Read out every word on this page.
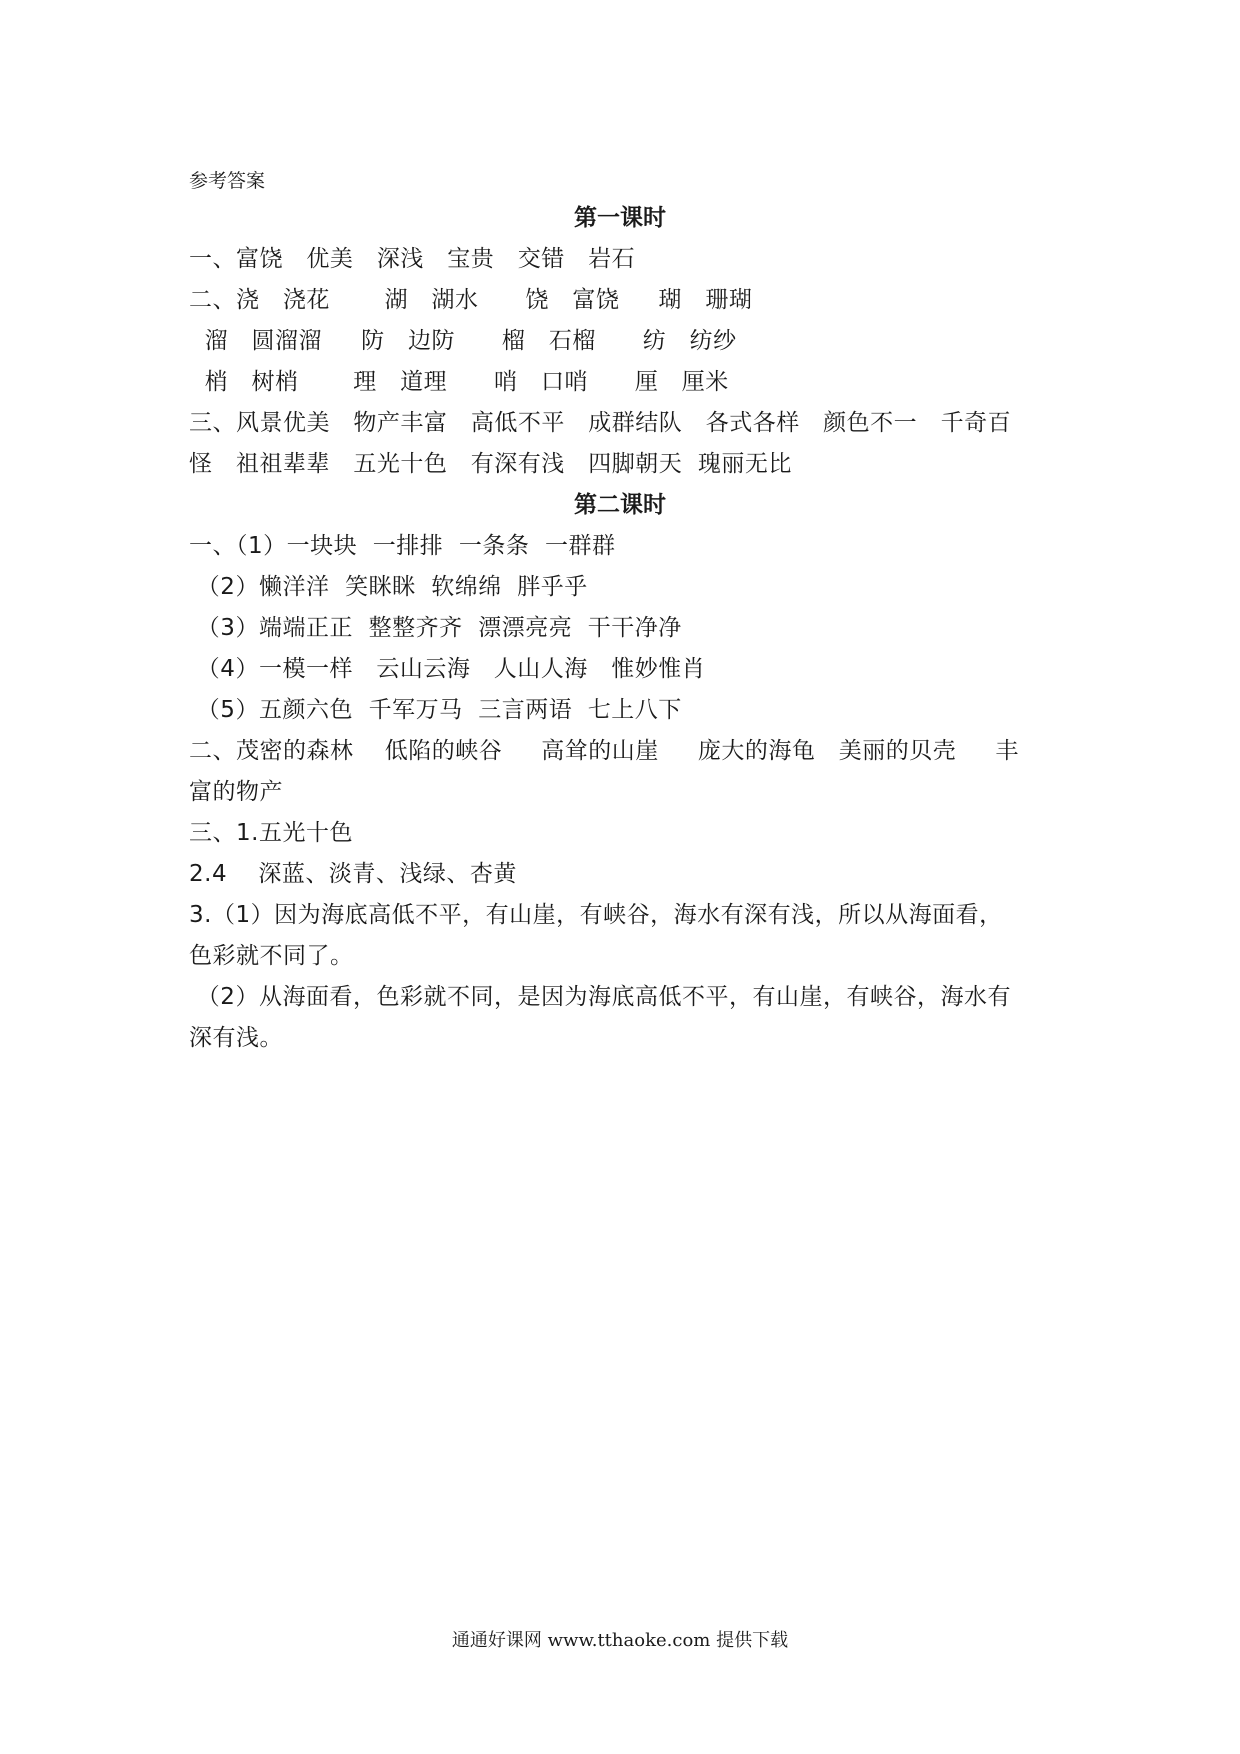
参考答案
第一课时
一、富饶   优美   深浅   宝贵   交错   岩石
二、浇   浇花       湖   湖水      饶   富饶     瑚   珊瑚
溜   圆溜溜     防   边防      榴   石榴      纺   纺纱
梢   树梢       理   道理      哨   口哨      厘   厘米
三、风景优美   物产丰富   高低不平   成群结队   各式各样   颜色不一   千奇百
怪   祖祖辈辈   五光十色   有深有浅   四脚朝天  瑰丽无比
第二课时
一、（1）一块块  一排排  一条条  一群群
（2）懒洋洋  笑眯眯  软绵绵  胖乎乎
（3）端端正正  整整齐齐  漂漂亮亮  干干净净
（4）一模一样   云山云海   人山人海   惟妙惟肖
（5）五颜六色  千军万马  三言两语  七上八下
二、茂密的森林    低陷的峡谷     高耸的山崖     庞大的海龟   美丽的贝壳     丰
富的物产
三、1.五光十色
2.4    深蓝、淡青、浅绿、杏黄
3.（1）因为海底高低不平，有山崖，有峡谷，海水有深有浅，所以从海面看，
色彩就不同了。
（2）从海面看，色彩就不同，是因为海底高低不平，有山崖，有峡谷，海水有
深有浅。
通通好课网 www.tthaoke.com 提供下载
